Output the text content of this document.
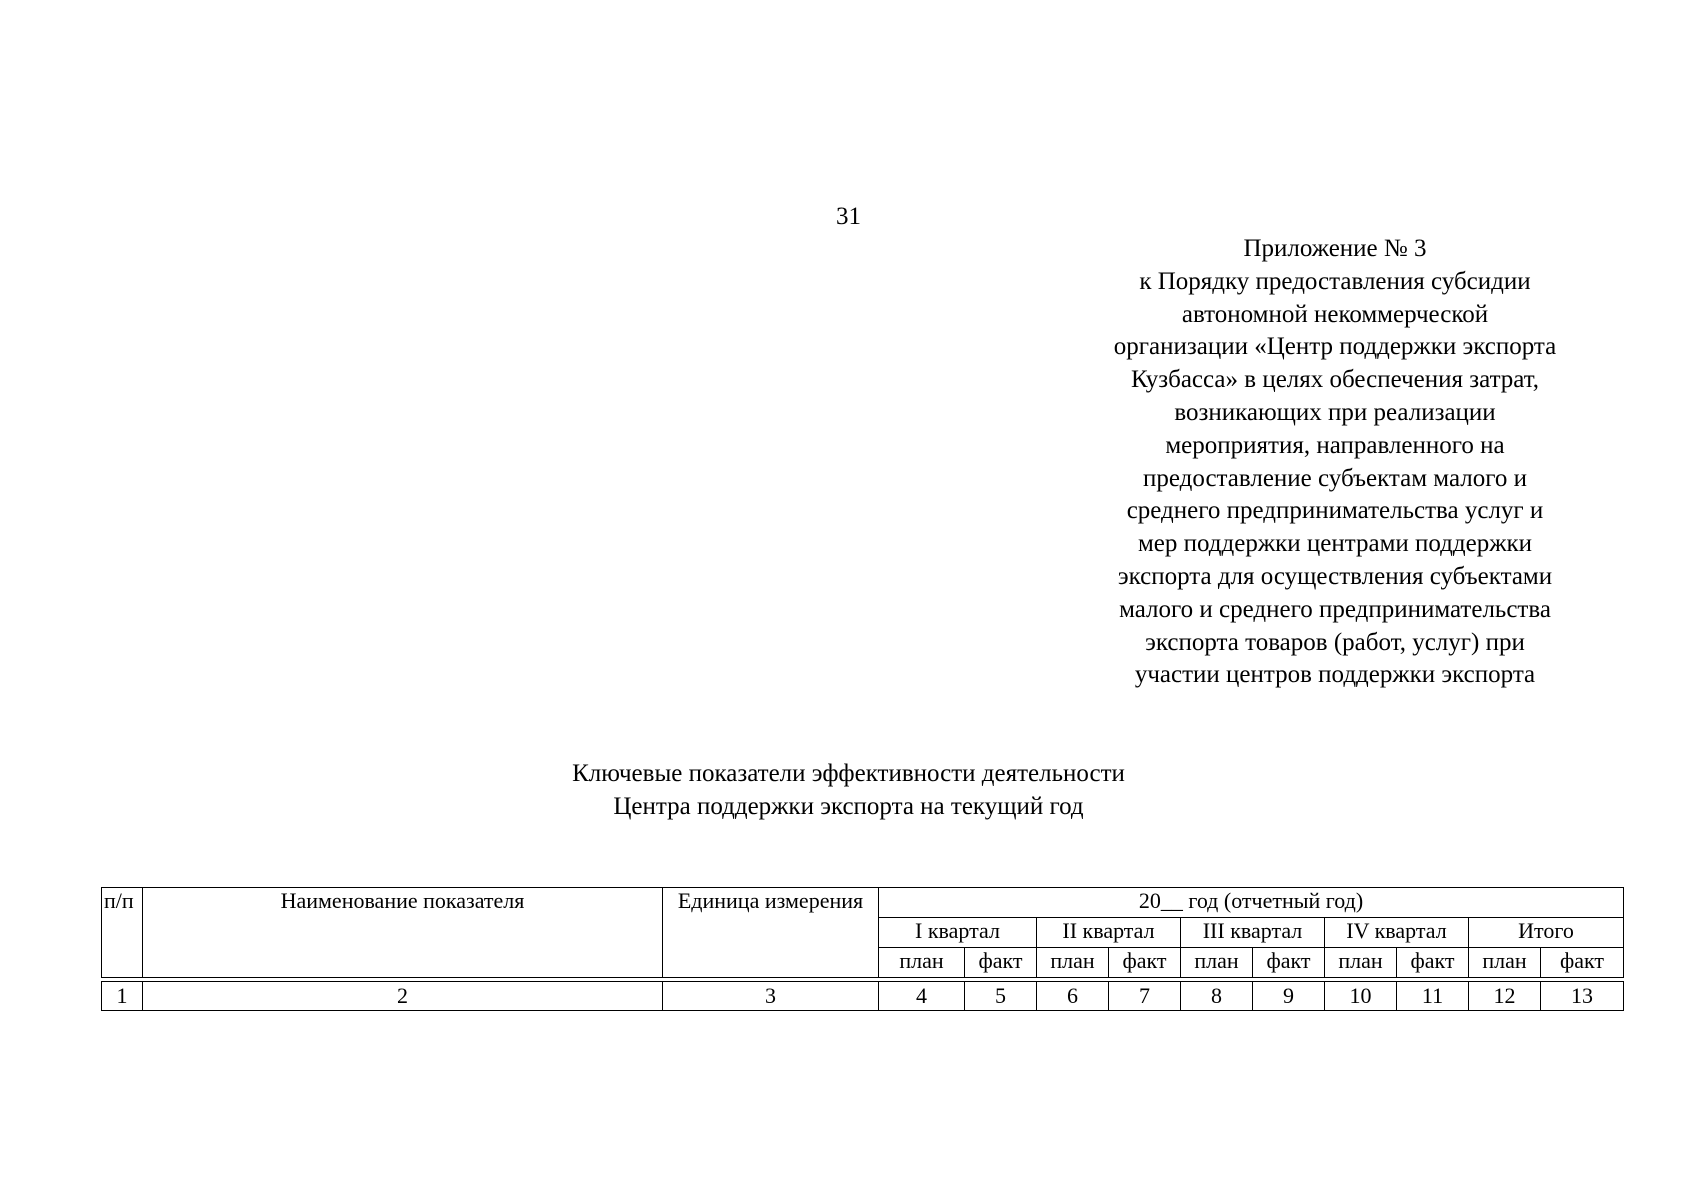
31
Приложение № 3
к Порядку предоставления субсидии
автономной некоммерческой
организации «Центр поддержки экспорта
Кузбасса» в целях обеспечения затрат,
возникающих при реализации
мероприятия, направленного на
предоставление субъектам малого и
среднего предпринимательства услуг и
мер поддержки центрами поддержки
экспорта для осуществления субъектами
малого и среднего предпринимательства
экспорта товаров (работ, услуг) при
участии центров поддержки экспорта
Ключевые показатели эффективности деятельности
Центра поддержки экспорта на текущий год
п/п	Наименование показателя	Единица измерения	20__ год (отчетный год)									
			I квартал		II квартал		III квартал		IV квартал		Итого	
			план	факт	план	факт	план	факт	план	факт	план	факт

1	2	3	4	5	6	7	8	9	10	11	12	13
